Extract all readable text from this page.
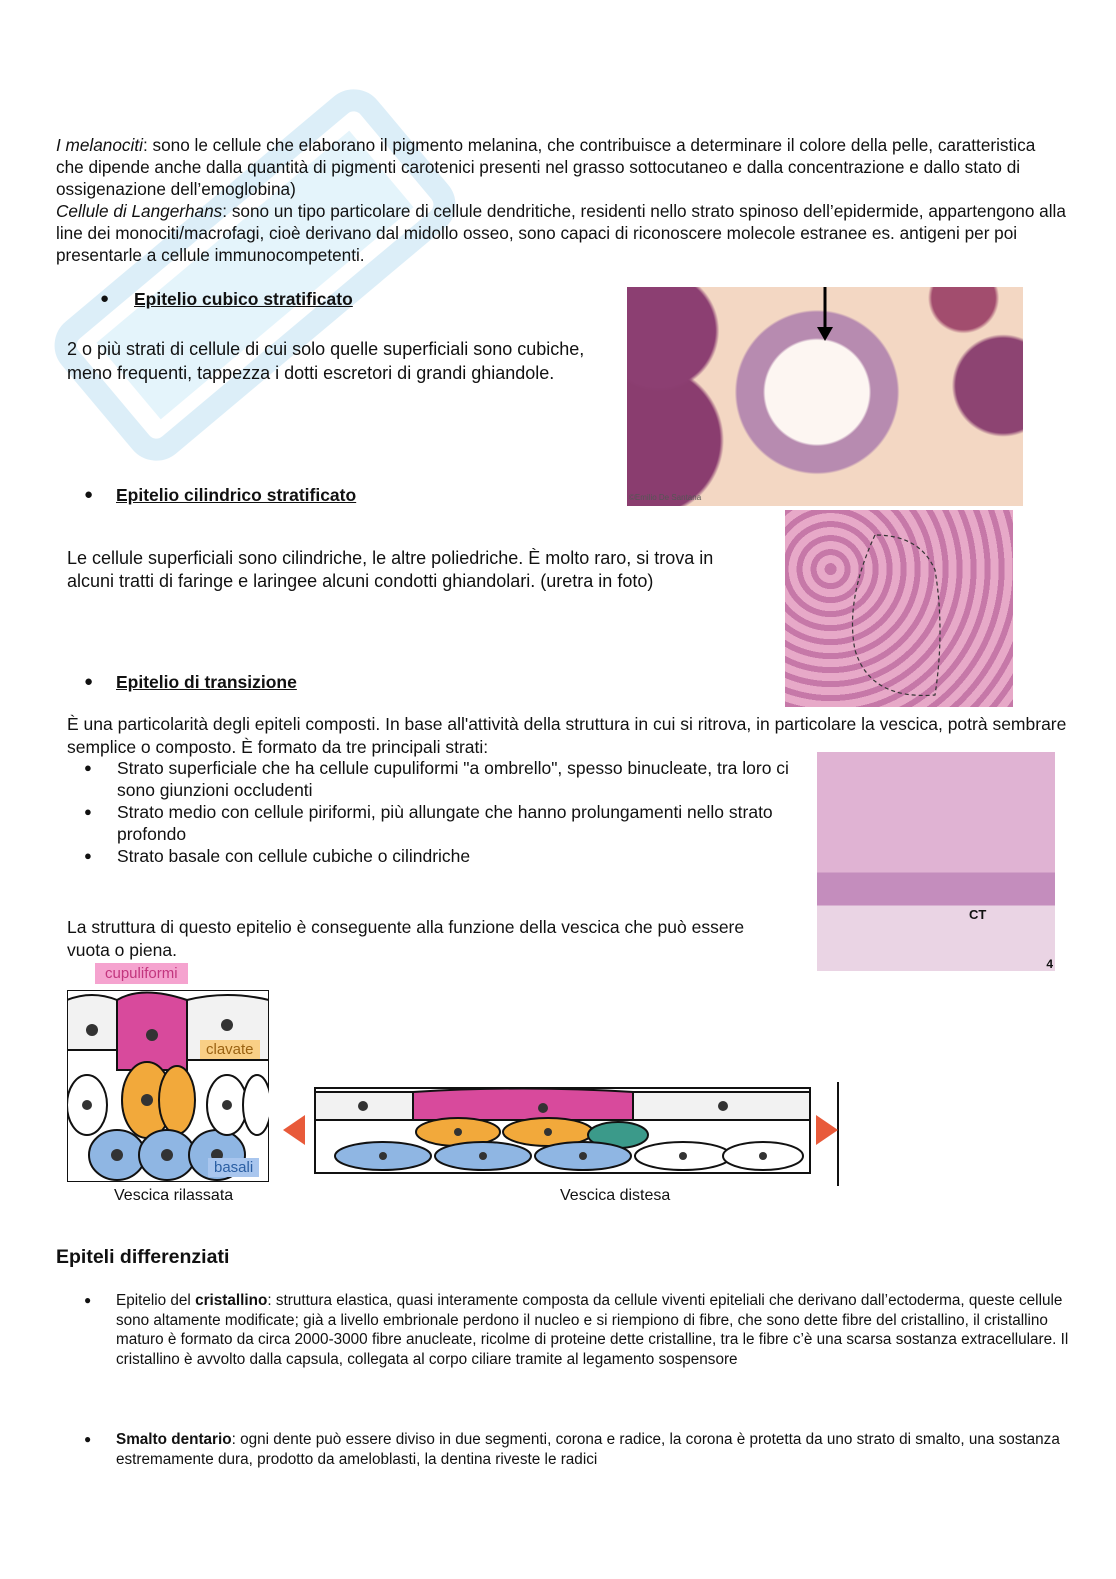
I melanociti: sono le cellule che elaborano il pigmento melanina, che contribuisce a determinare il colore della pelle, caratteristica che dipende anche dalla quantità di pigmenti carotenici presenti nel grasso sottocutaneo e dalla concentrazione e dallo stato di ossigenazione dell’emoglobina)

Cellule di Langerhans: sono un tipo particolare di cellule dendritiche, residenti nello strato spinoso dell’epidermide, appartengono alla line dei monociti/macrofagi, cioè derivano dal midollo osseo, sono capaci di riconoscere molecole estranee es. antigeni per poi presentarle a cellule immunocompetenti.

● Epitelio cubico stratificato
2 o più strati di cellule di cui solo quelle superficiali sono cubiche, meno frequenti, tappezza i dotti escretori di grandi ghiandole.
©Emilio De Santana
● Epitelio cilindrico stratificato
Le cellule superficiali sono cilindriche, le altre poliedriche. È molto raro, si trova in alcuni tratti di faringe e laringee alcuni condotti ghiandolari. (uretra in foto)
● Epitelio di transizione
È una particolarità degli epiteli composti. In base all'attività della struttura in cui si ritrova, in particolare la vescica, potrà sembrare semplice o composto. È formato da tre principali strati:
● Strato superficiale che ha cellule cupuliformi "a ombrello", spesso binucleate, tra loro ci sono giunzioni occludenti
● Strato medio con cellule piriformi, più allungate che hanno prolungamenti nello strato profondo
● Strato basale con cellule cubiche o cilindriche
La struttura di questo epitelio è conseguente alla funzione della vescica che può essere vuota o piena.
CT
4
cupuliformi
clavate
basali
Vescica rilassata	Vescica distesa
Epiteli differenziati
● Epitelio del cristallino: struttura elastica, quasi interamente composta da cellule viventi epiteliali che derivano dall’ectoderma, queste cellule sono altamente modificate; già a livello embrionale perdono il nucleo e si riempiono di fibre, che sono dette fibre del cristallino, il cristallino maturo è formato da circa 2000-3000 fibre anucleate, ricolme di proteine dette cristalline, tra le fibre c’è una scarsa sostanza extracellulare. Il cristallino è avvolto dalla capsula, collegata al corpo ciliare tramite al legamento sospensore
● Smalto dentario: ogni dente può essere diviso in due segmenti, corona e radice, la corona è protetta da uno strato di smalto, una sostanza estremamente dura, prodotto da ameloblasti, la dentina riveste le radici
